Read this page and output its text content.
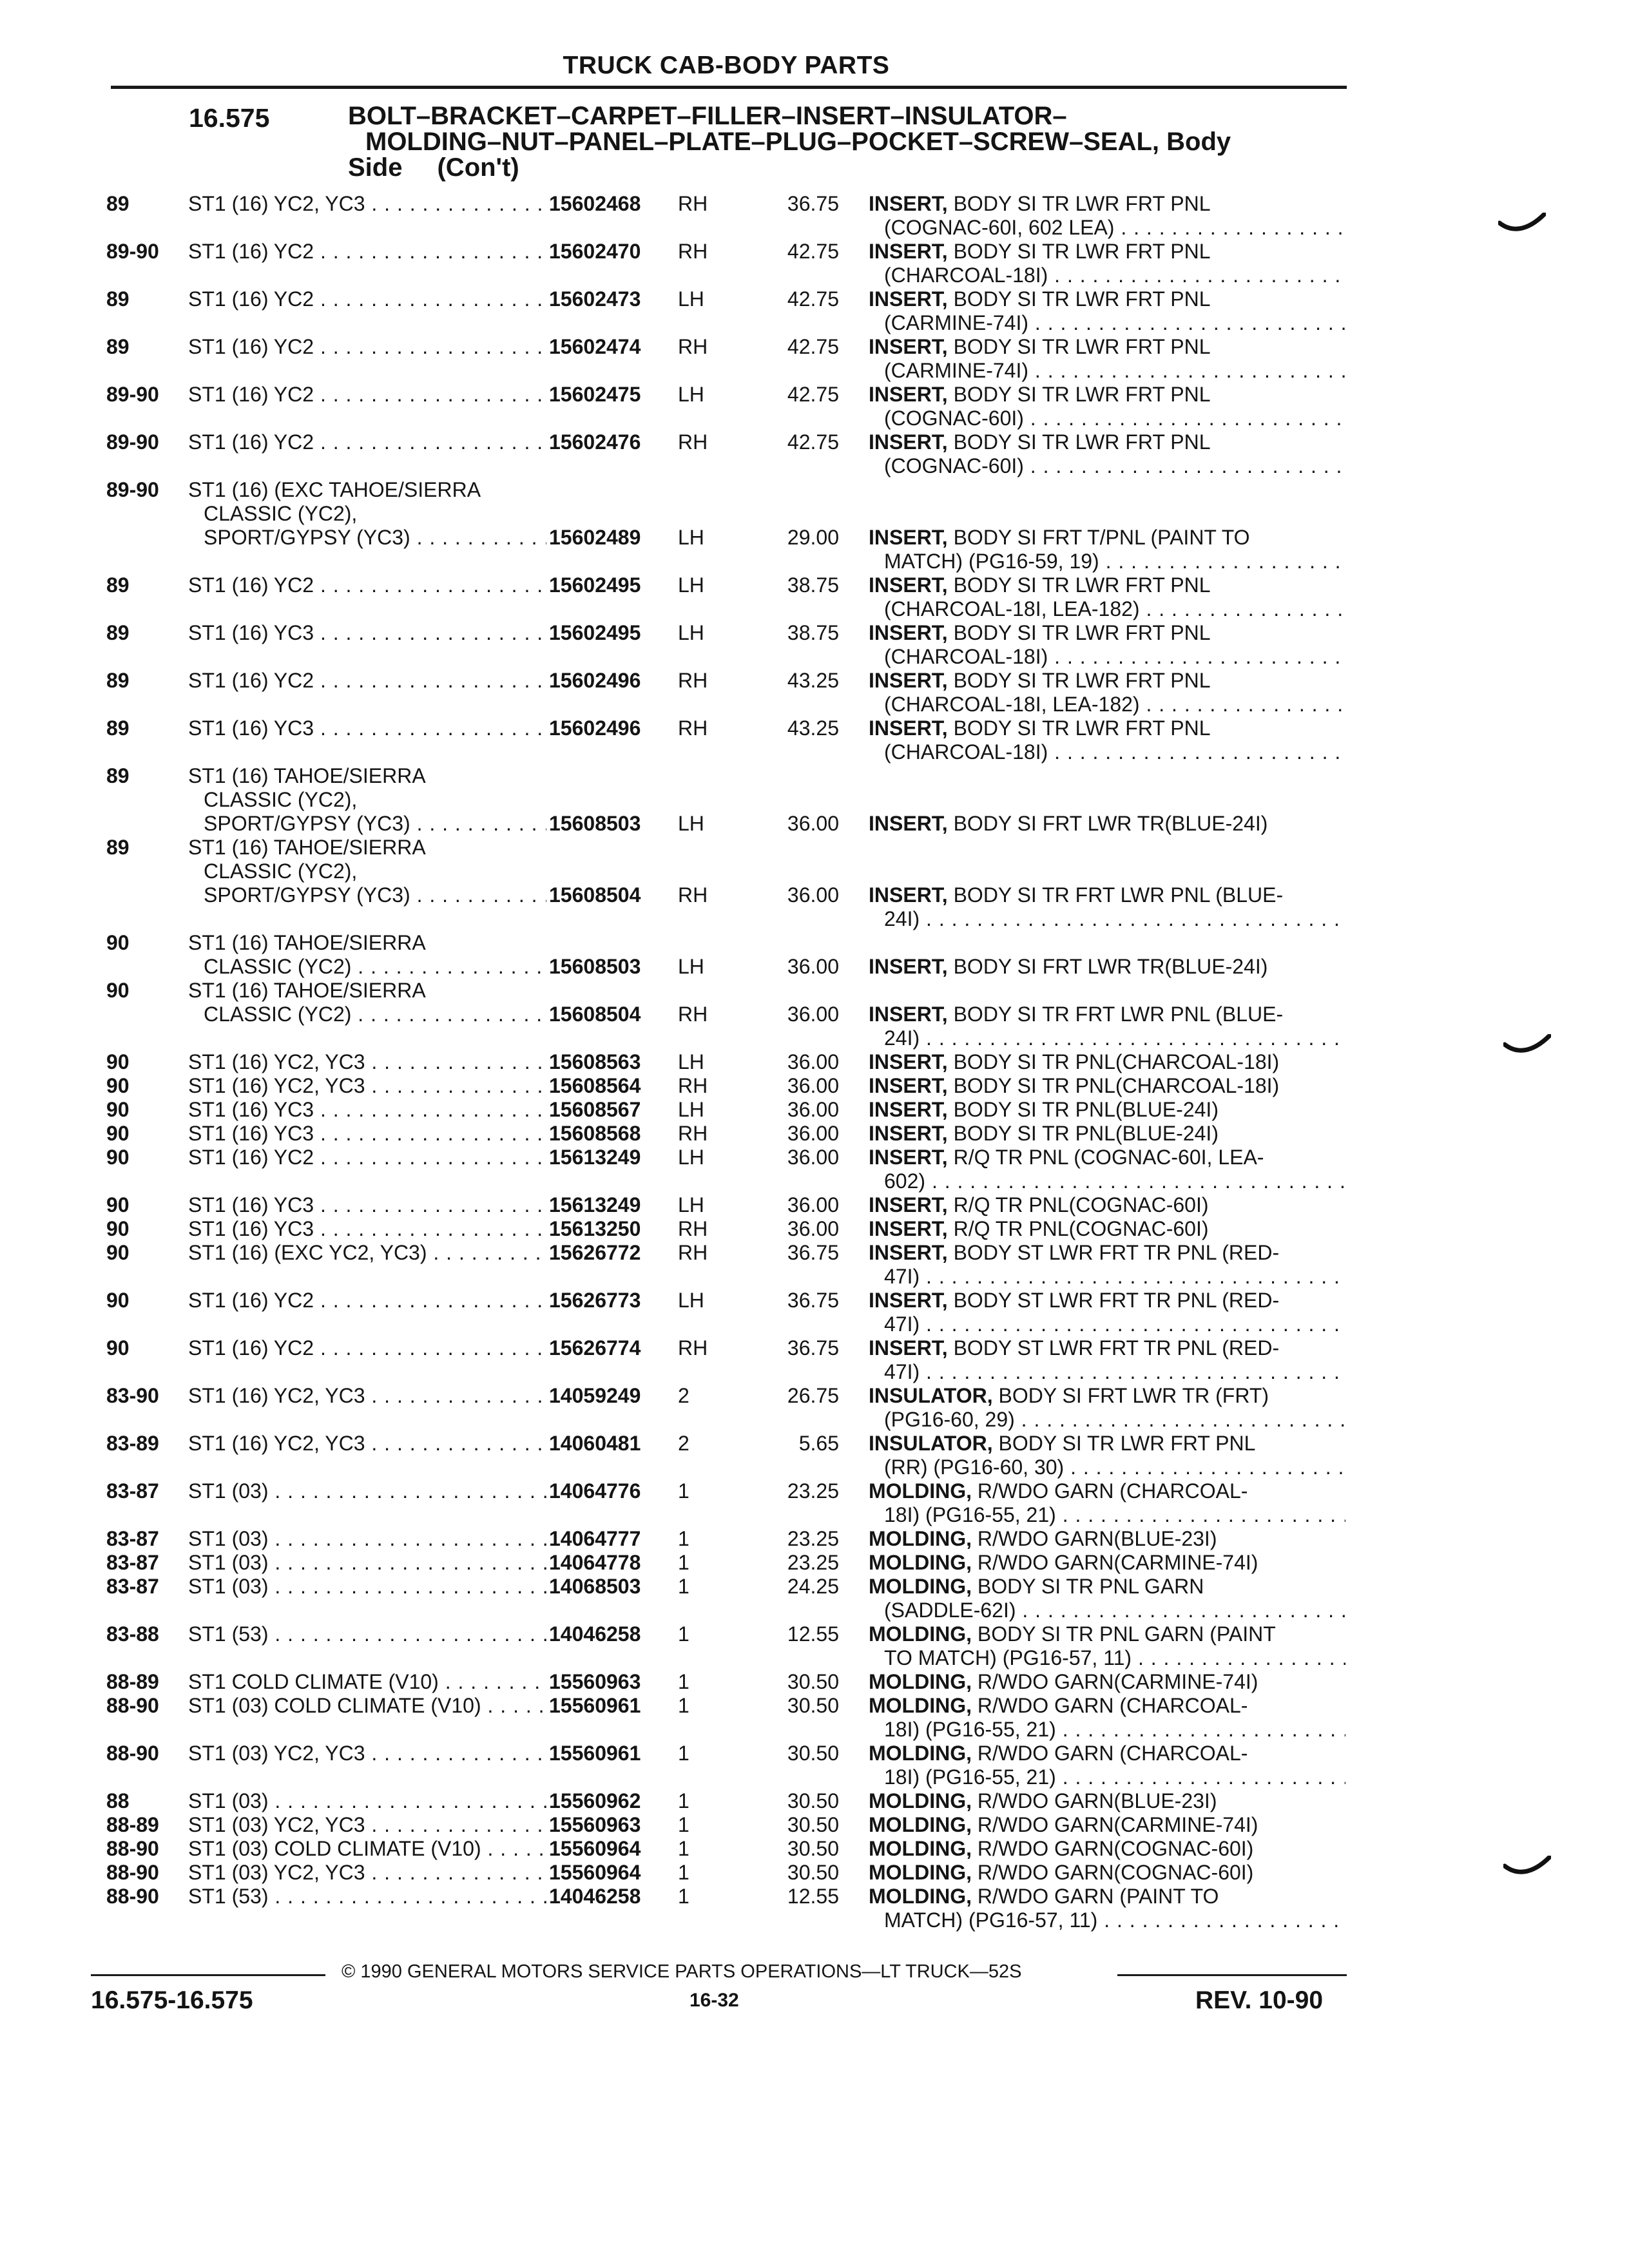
TRUCK CAB-BODY PARTS
16.575	BOLT–BRACKET–CARPET–FILLER–INSERT–INSULATOR–
MOLDING–NUT–PANEL–PLATE–PLUG–POCKET–SCREW–SEAL, Body
Side (Con't)
89	ST1 (16) YC2, YC3 . . .	15602468	RH	36.75 INSERT, BODY SI TR LWR FRT PNL
(COGNAC-60I, 602 LEA) . . .
89-90	ST1 (16) YC2 . . .	15602470	RH	42.75 INSERT, BODY SI TR LWR FRT PNL
(CHARCOAL-18I) . . .
89	ST1 (16) YC2 . . .	15602473	LH	42.75 INSERT, BODY SI TR LWR FRT PNL
(CARMINE-74I) . . .
89	ST1 (16) YC2 . . .	15602474	RH	42.75 INSERT, BODY SI TR LWR FRT PNL
(CARMINE-74I) . . .
89-90	ST1 (16) YC2 . . .	15602475	LH	42.75 INSERT, BODY SI TR LWR FRT PNL
(COGNAC-60I) . . .
89-90	ST1 (16) YC2 . . .	15602476	RH	42.75 INSERT, BODY SI TR LWR FRT PNL
(COGNAC-60I) . . .
89-90	ST1 (16) (EXC TAHOE/SIERRA
CLASSIC (YC2),
SPORT/GYPSY (YC3) . . .	15602489	LH	29.00 INSERT, BODY SI FRT T/PNL (PAINT TO
MATCH) (PG16-59, 19) . . .
89	ST1 (16) YC2 . . .	15602495	LH	38.75 INSERT, BODY SI TR LWR FRT PNL
(CHARCOAL-18I, LEA-182) . . .
89	ST1 (16) YC3 . . .	15602495	LH	38.75 INSERT, BODY SI TR LWR FRT PNL
(CHARCOAL-18I) . . .
89	ST1 (16) YC2 . . .	15602496	RH	43.25 INSERT, BODY SI TR LWR FRT PNL
(CHARCOAL-18I, LEA-182) . . .
89	ST1 (16) YC3 . . .	15602496	RH	43.25 INSERT, BODY SI TR LWR FRT PNL
(CHARCOAL-18I) . . .
89	ST1 (16) TAHOE/SIERRA
CLASSIC (YC2),
SPORT/GYPSY (YC3) . . .	15608503	LH	36.00 INSERT, BODY SI FRT LWR TR(BLUE-24I)
89	ST1 (16) TAHOE/SIERRA
CLASSIC (YC2),
SPORT/GYPSY (YC3) . . .	15608504	RH	36.00 INSERT, BODY SI TR FRT LWR PNL (BLUE-
24I) . . .
90	ST1 (16) TAHOE/SIERRA
CLASSIC (YC2) . . .	15608503	LH	36.00 INSERT, BODY SI FRT LWR TR(BLUE-24I)
90	ST1 (16) TAHOE/SIERRA
CLASSIC (YC2) . . .	15608504	RH	36.00 INSERT, BODY SI TR FRT LWR PNL (BLUE-
24I) . . .
90	ST1 (16) YC2, YC3 . . .	15608563	LH	36.00 INSERT, BODY SI TR PNL(CHARCOAL-18I)
90	ST1 (16) YC2, YC3 . . .	15608564	RH	36.00 INSERT, BODY SI TR PNL(CHARCOAL-18I)
90	ST1 (16) YC3 . . .	15608567	LH	36.00 INSERT, BODY SI TR PNL(BLUE-24I)
90	ST1 (16) YC3 . . .	15608568	RH	36.00 INSERT, BODY SI TR PNL(BLUE-24I)
90	ST1 (16) YC2 . . .	15613249	LH	36.00 INSERT, R/Q TR PNL (COGNAC-60I, LEA-
602) . . .
90	ST1 (16) YC3 . . .	15613249	LH	36.00 INSERT, R/Q TR PNL(COGNAC-60I)
90	ST1 (16) YC3 . . .	15613250	RH	36.00 INSERT, R/Q TR PNL(COGNAC-60I)
90	ST1 (16) (EXC YC2, YC3) . . .	15626772	RH	36.75 INSERT, BODY ST LWR FRT TR PNL (RED-
47I) . . .
90	ST1 (16) YC2 . . .	15626773	LH	36.75 INSERT, BODY ST LWR FRT TR PNL (RED-
47I) . . .
90	ST1 (16) YC2 . . .	15626774	RH	36.75 INSERT, BODY ST LWR FRT TR PNL (RED-
47I) . . .
83-90	ST1 (16) YC2, YC3 . . .	14059249	2	26.75 INSULATOR, BODY SI FRT LWR TR (FRT)
(PG16-60, 29) . . .
83-89	ST1 (16) YC2, YC3 . . .	14060481	2	5.65 INSULATOR, BODY SI TR LWR FRT PNL
(RR) (PG16-60, 30) . . .
83-87	ST1 (03) . . .	14064776	1	23.25 MOLDING, R/WDO GARN (CHARCOAL-
18I) (PG16-55, 21) . . .
83-87	ST1 (03) . . .	14064777	1	23.25 MOLDING, R/WDO GARN(BLUE-23I)
83-87	ST1 (03) . . .	14064778	1	23.25 MOLDING, R/WDO GARN(CARMINE-74I)
83-87	ST1 (03) . . .	14068503	1	24.25 MOLDING, BODY SI TR PNL GARN
(SADDLE-62I) . . .
83-88	ST1 (53) . . .	14046258	1	12.55 MOLDING, BODY SI TR PNL GARN (PAINT
TO MATCH) (PG16-57, 11) . . .
88-89	ST1 COLD CLIMATE (V10) . . .	15560963	1	30.50 MOLDING, R/WDO GARN(CARMINE-74I)
88-90	ST1 (03) COLD CLIMATE (V10) . . .	15560961	1	30.50 MOLDING, R/WDO GARN (CHARCOAL-
18I) (PG16-55, 21) . . .
88-90	ST1 (03) YC2, YC3 . . .	15560961	1	30.50 MOLDING, R/WDO GARN (CHARCOAL-
18I) (PG16-55, 21) . . .
88	ST1 (03) . . .	15560962	1	30.50 MOLDING, R/WDO GARN(BLUE-23I)
88-89	ST1 (03) YC2, YC3 . . .	15560963	1	30.50 MOLDING, R/WDO GARN(CARMINE-74I)
88-90	ST1 (03) COLD CLIMATE (V10) . . .	15560964	1	30.50 MOLDING, R/WDO GARN(COGNAC-60I)
88-90	ST1 (03) YC2, YC3 . . .	15560964	1	30.50 MOLDING, R/WDO GARN(COGNAC-60I)
88-90	ST1 (53) . . .	14046258	1	12.55 MOLDING, R/WDO GARN (PAINT TO
MATCH) (PG16-57, 11) . . .
© 1990 GENERAL MOTORS SERVICE PARTS OPERATIONS—LT TRUCK—52S
16.575-16.575	16-32	REV. 10-90
